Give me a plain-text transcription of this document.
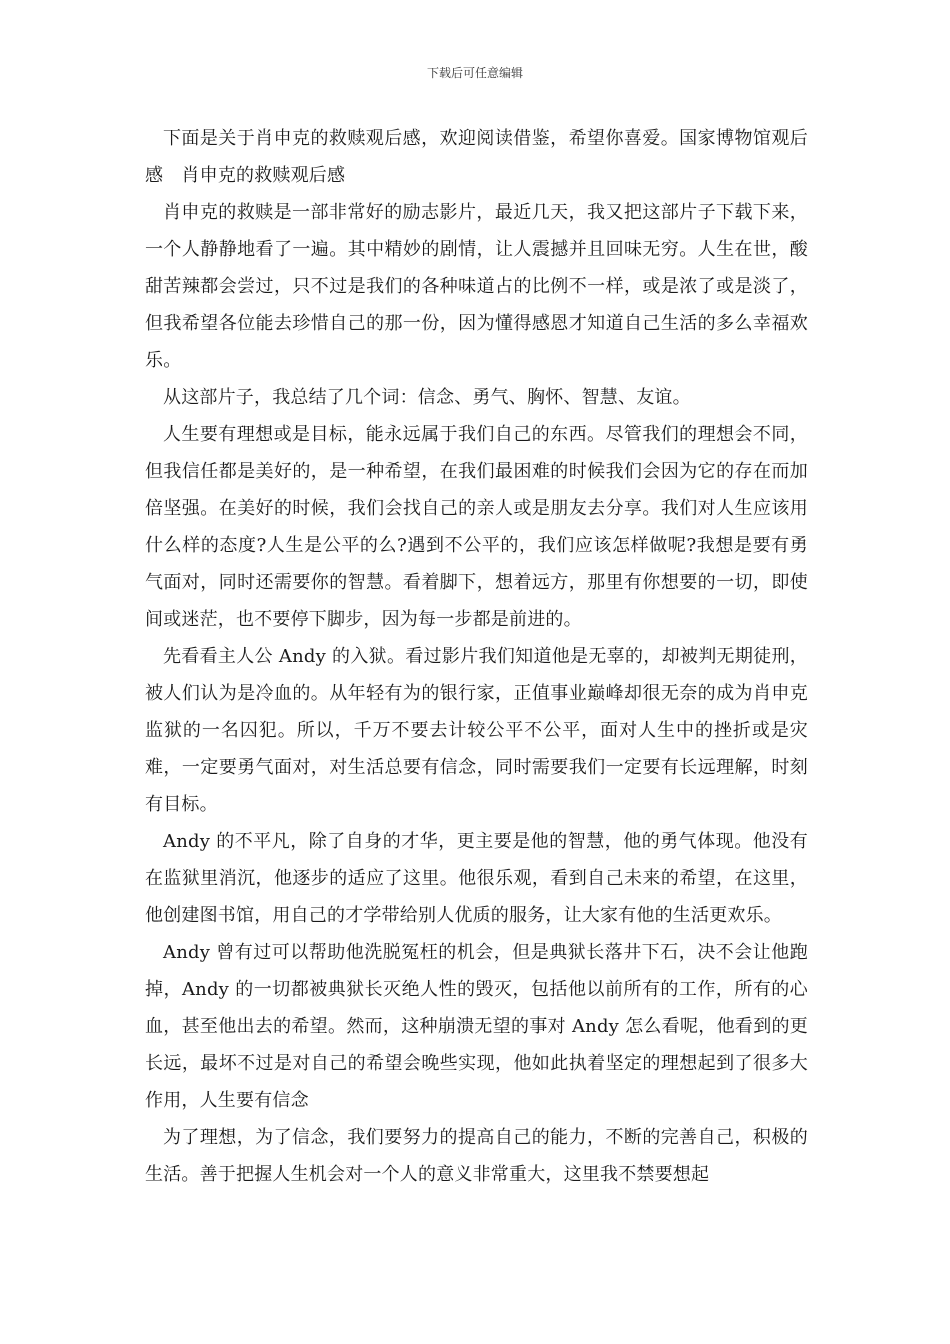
下载后可任意编辑

下面是关于肖申克的救赎观后感，欢迎阅读借鉴，希望你喜爱。国家博物馆观后感　肖申克的救赎观后感

肖申克的救赎是一部非常好的励志影片，最近几天，我又把这部片子下载下来，一个人静静地看了一遍。其中精妙的剧情，让人震撼并且回味无穷。人生在世，酸甜苦辣都会尝过，只不过是我们的各种味道占的比例不一样，或是浓了或是淡了，但我希望各位能去珍惜自己的那一份，因为懂得感恩才知道自己生活的多么幸福欢乐。

从这部片子，我总结了几个词：信念、勇气、胸怀、智慧、友谊。

人生要有理想或是目标，能永远属于我们自己的东西。尽管我们的理想会不同，但我信任都是美好的，是一种希望，在我们最困难的时候我们会因为它的存在而加倍坚强。在美好的时候，我们会找自己的亲人或是朋友去分享。我们对人生应该用什么样的态度?人生是公平的么?遇到不公平的，我们应该怎样做呢?我想是要有勇气面对，同时还需要你的智慧。看着脚下，想着远方，那里有你想要的一切，即使间或迷茫，也不要停下脚步，因为每一步都是前进的。

先看看主人公 Andy 的入狱。看过影片我们知道他是无辜的，却被判无期徒刑，被人们认为是冷血的。从年轻有为的银行家，正值事业巅峰却很无奈的成为肖申克监狱的一名囚犯。所以，千万不要去计较公平不公平，面对人生中的挫折或是灾难，一定要勇气面对，对生活总要有信念，同时需要我们一定要有长远理解，时刻有目标。

Andy 的不平凡，除了自身的才华，更主要是他的智慧，他的勇气体现。他没有在监狱里消沉，他逐步的适应了这里。他很乐观，看到自己未来的希望，在这里，他创建图书馆，用自己的才学带给别人优质的服务，让大家有他的生活更欢乐。

Andy 曾有过可以帮助他洗脱冤枉的机会，但是典狱长落井下石，决不会让他跑掉，Andy 的一切都被典狱长灭绝人性的毁灭，包括他以前所有的工作，所有的心血，甚至他出去的希望。然而，这种崩溃无望的事对 Andy 怎么看呢，他看到的更长远，最坏不过是对自己的希望会晚些实现，他如此执着坚定的理想起到了很多大作用，人生要有信念

为了理想，为了信念，我们要努力的提高自己的能力，不断的完善自己，积极的生活。善于把握人生机会对一个人的意义非常重大，这里我不禁要想起
